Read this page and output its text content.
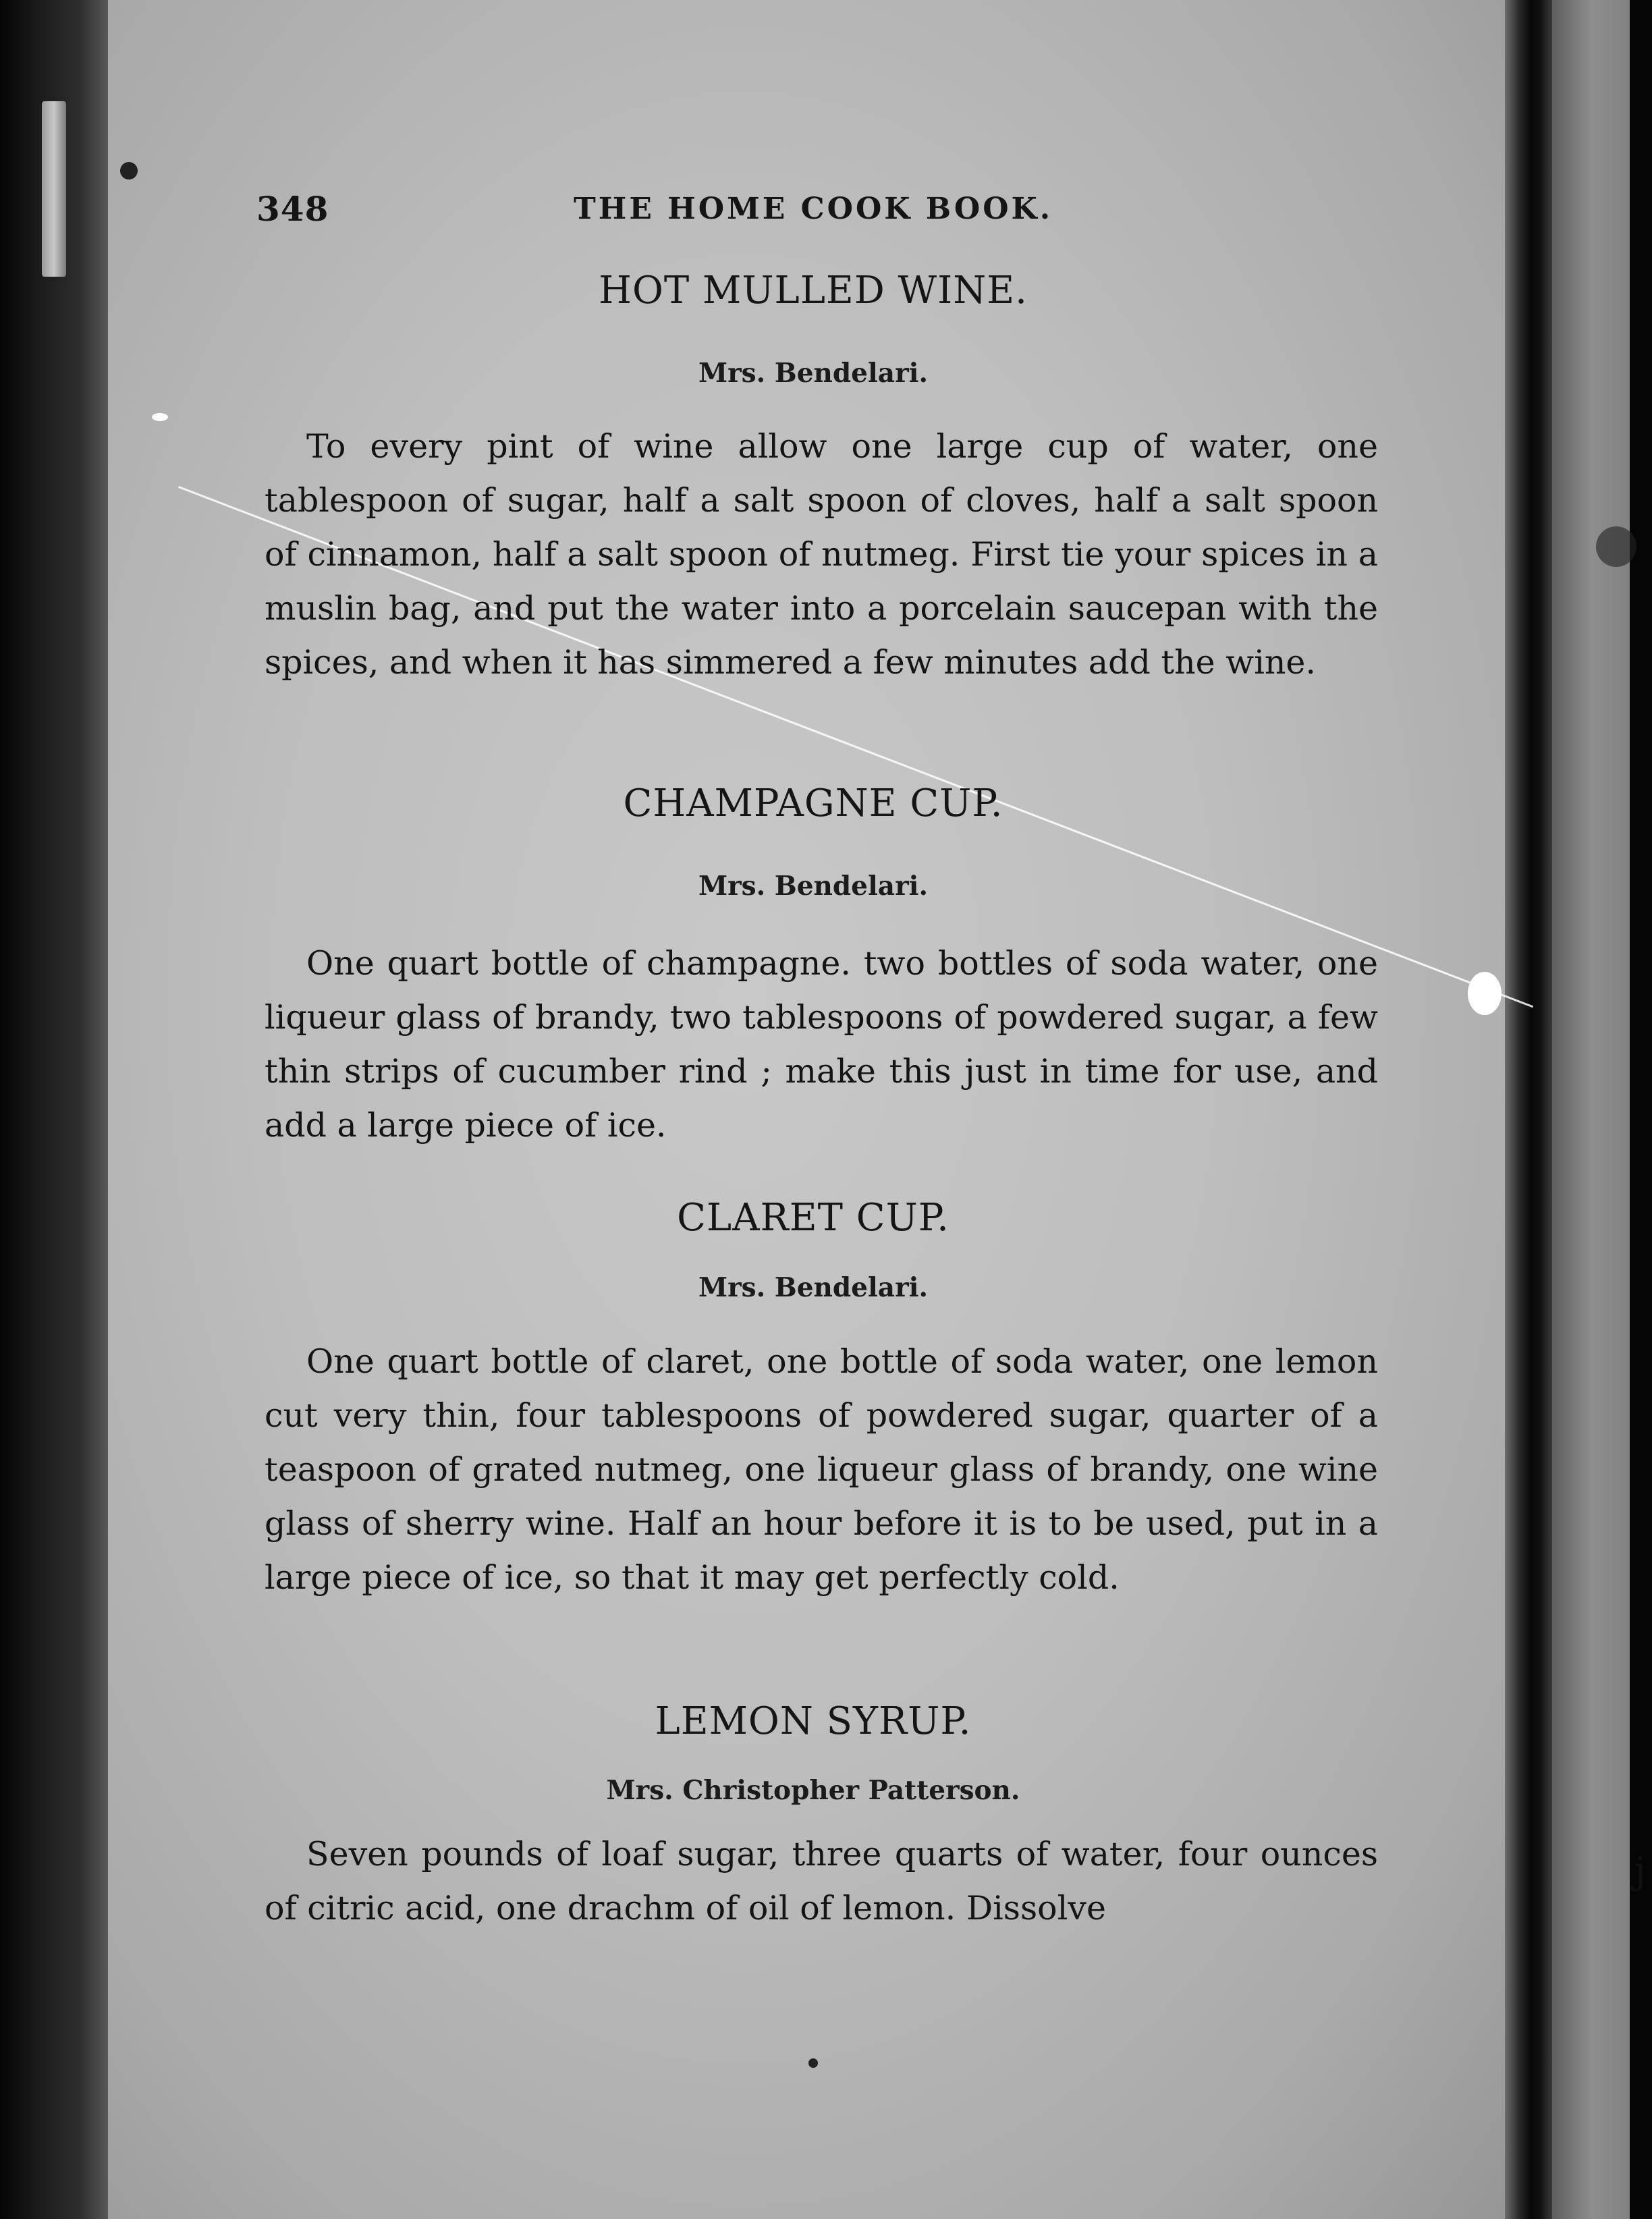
j
348	THE HOME COOK BOOK.
HOT MULLED WINE.
Mrs. Bendelari.
To every pint of wine allow one large cup of water, one tablespoon of sugar, half a salt spoon of cloves, half a salt spoon of cinnamon, half a salt spoon of nutmeg. First tie your spices in a muslin bag, and put the water into a porcelain saucepan with the spices, and when it has simmered a few minutes add the wine.
CHAMPAGNE CUP.
Mrs. Bendelari.
One quart bottle of champagne. two bottles of soda water, one liqueur glass of brandy, two tablespoons of powdered sugar, a few thin strips of cucumber rind ; make this just in time for use, and add a large piece of ice.
CLARET CUP.
Mrs. Bendelari.
One quart bottle of claret, one bottle of soda water, one lemon cut very thin, four tablespoons of powdered sugar, quarter of a teaspoon of grated nutmeg, one liqueur glass of brandy, one wine glass of sherry wine. Half an hour before it is to be used, put in a large piece of ice, so that it may get perfectly cold.
LEMON SYRUP.
Mrs. Christopher Patterson.
Seven pounds of loaf sugar, three quarts of water, four ounces of citric acid, one drachm of oil of lemon. Dissolve
